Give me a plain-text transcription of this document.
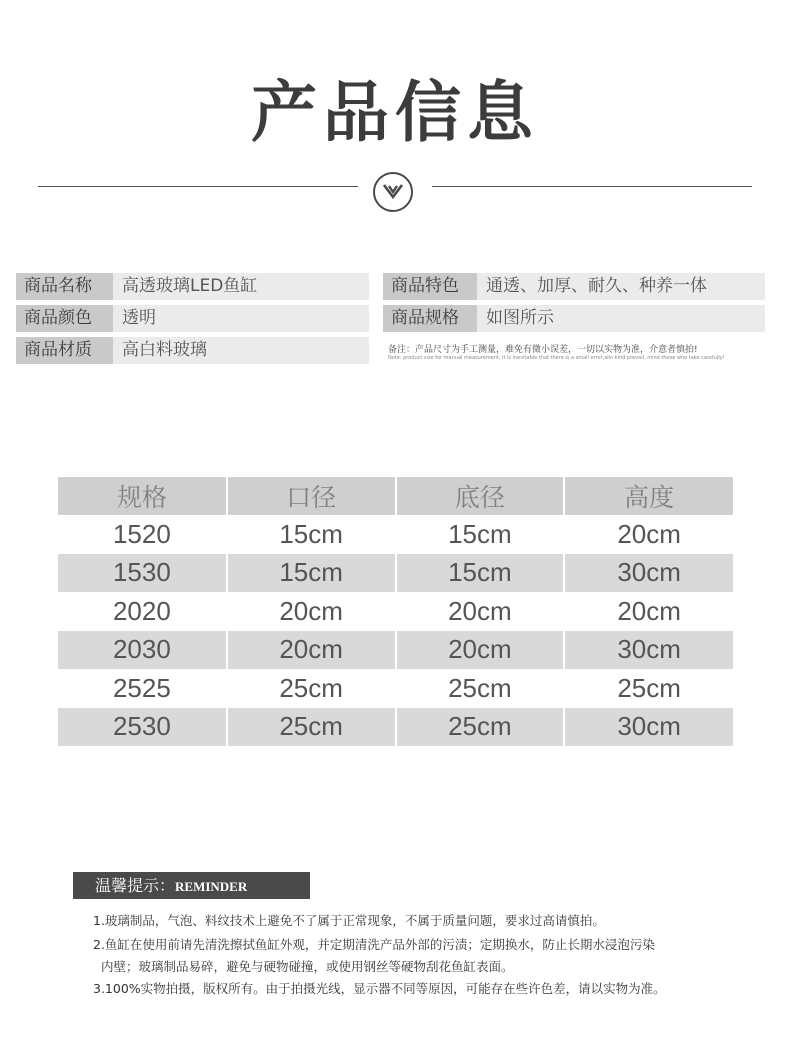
产品信息
商品名称	高透玻璃LED鱼缸
商品颜色	透明
商品材质	高白料玻璃
商品特色	通透、加厚、耐久、种养一体
商品规格	如图所示
备注：产品尺寸为手工测量，难免有微小误差，一切以实物为准，介意者慎拍!
Note: product size for manual measurement, it is inevitable that there is a small error,alin kind prevail, mind those who take carefully!
规格	口径	底径	高度
1520	15cm	15cm	20cm
1530	15cm	15cm	30cm
2020	20cm	20cm	20cm
2030	20cm	20cm	30cm
2525	25cm	25cm	25cm
2530	25cm	25cm	30cm
温馨提示：REMINDER
1.玻璃制品，气泡、料纹技术上避免不了属于正常现象，不属于质量问题，要求过高请慎拍。
2.鱼缸在使用前请先清洗擦拭鱼缸外观，并定期清洗产品外部的污渍；定期换水，防止长期水浸泡污染
内壁；玻璃制品易碎，避免与硬物碰撞，或使用钢丝等硬物刮花鱼缸表面。
3.100%实物拍摄，版权所有。由于拍摄光线，显示器不同等原因，可能存在些许色差，请以实物为准。
